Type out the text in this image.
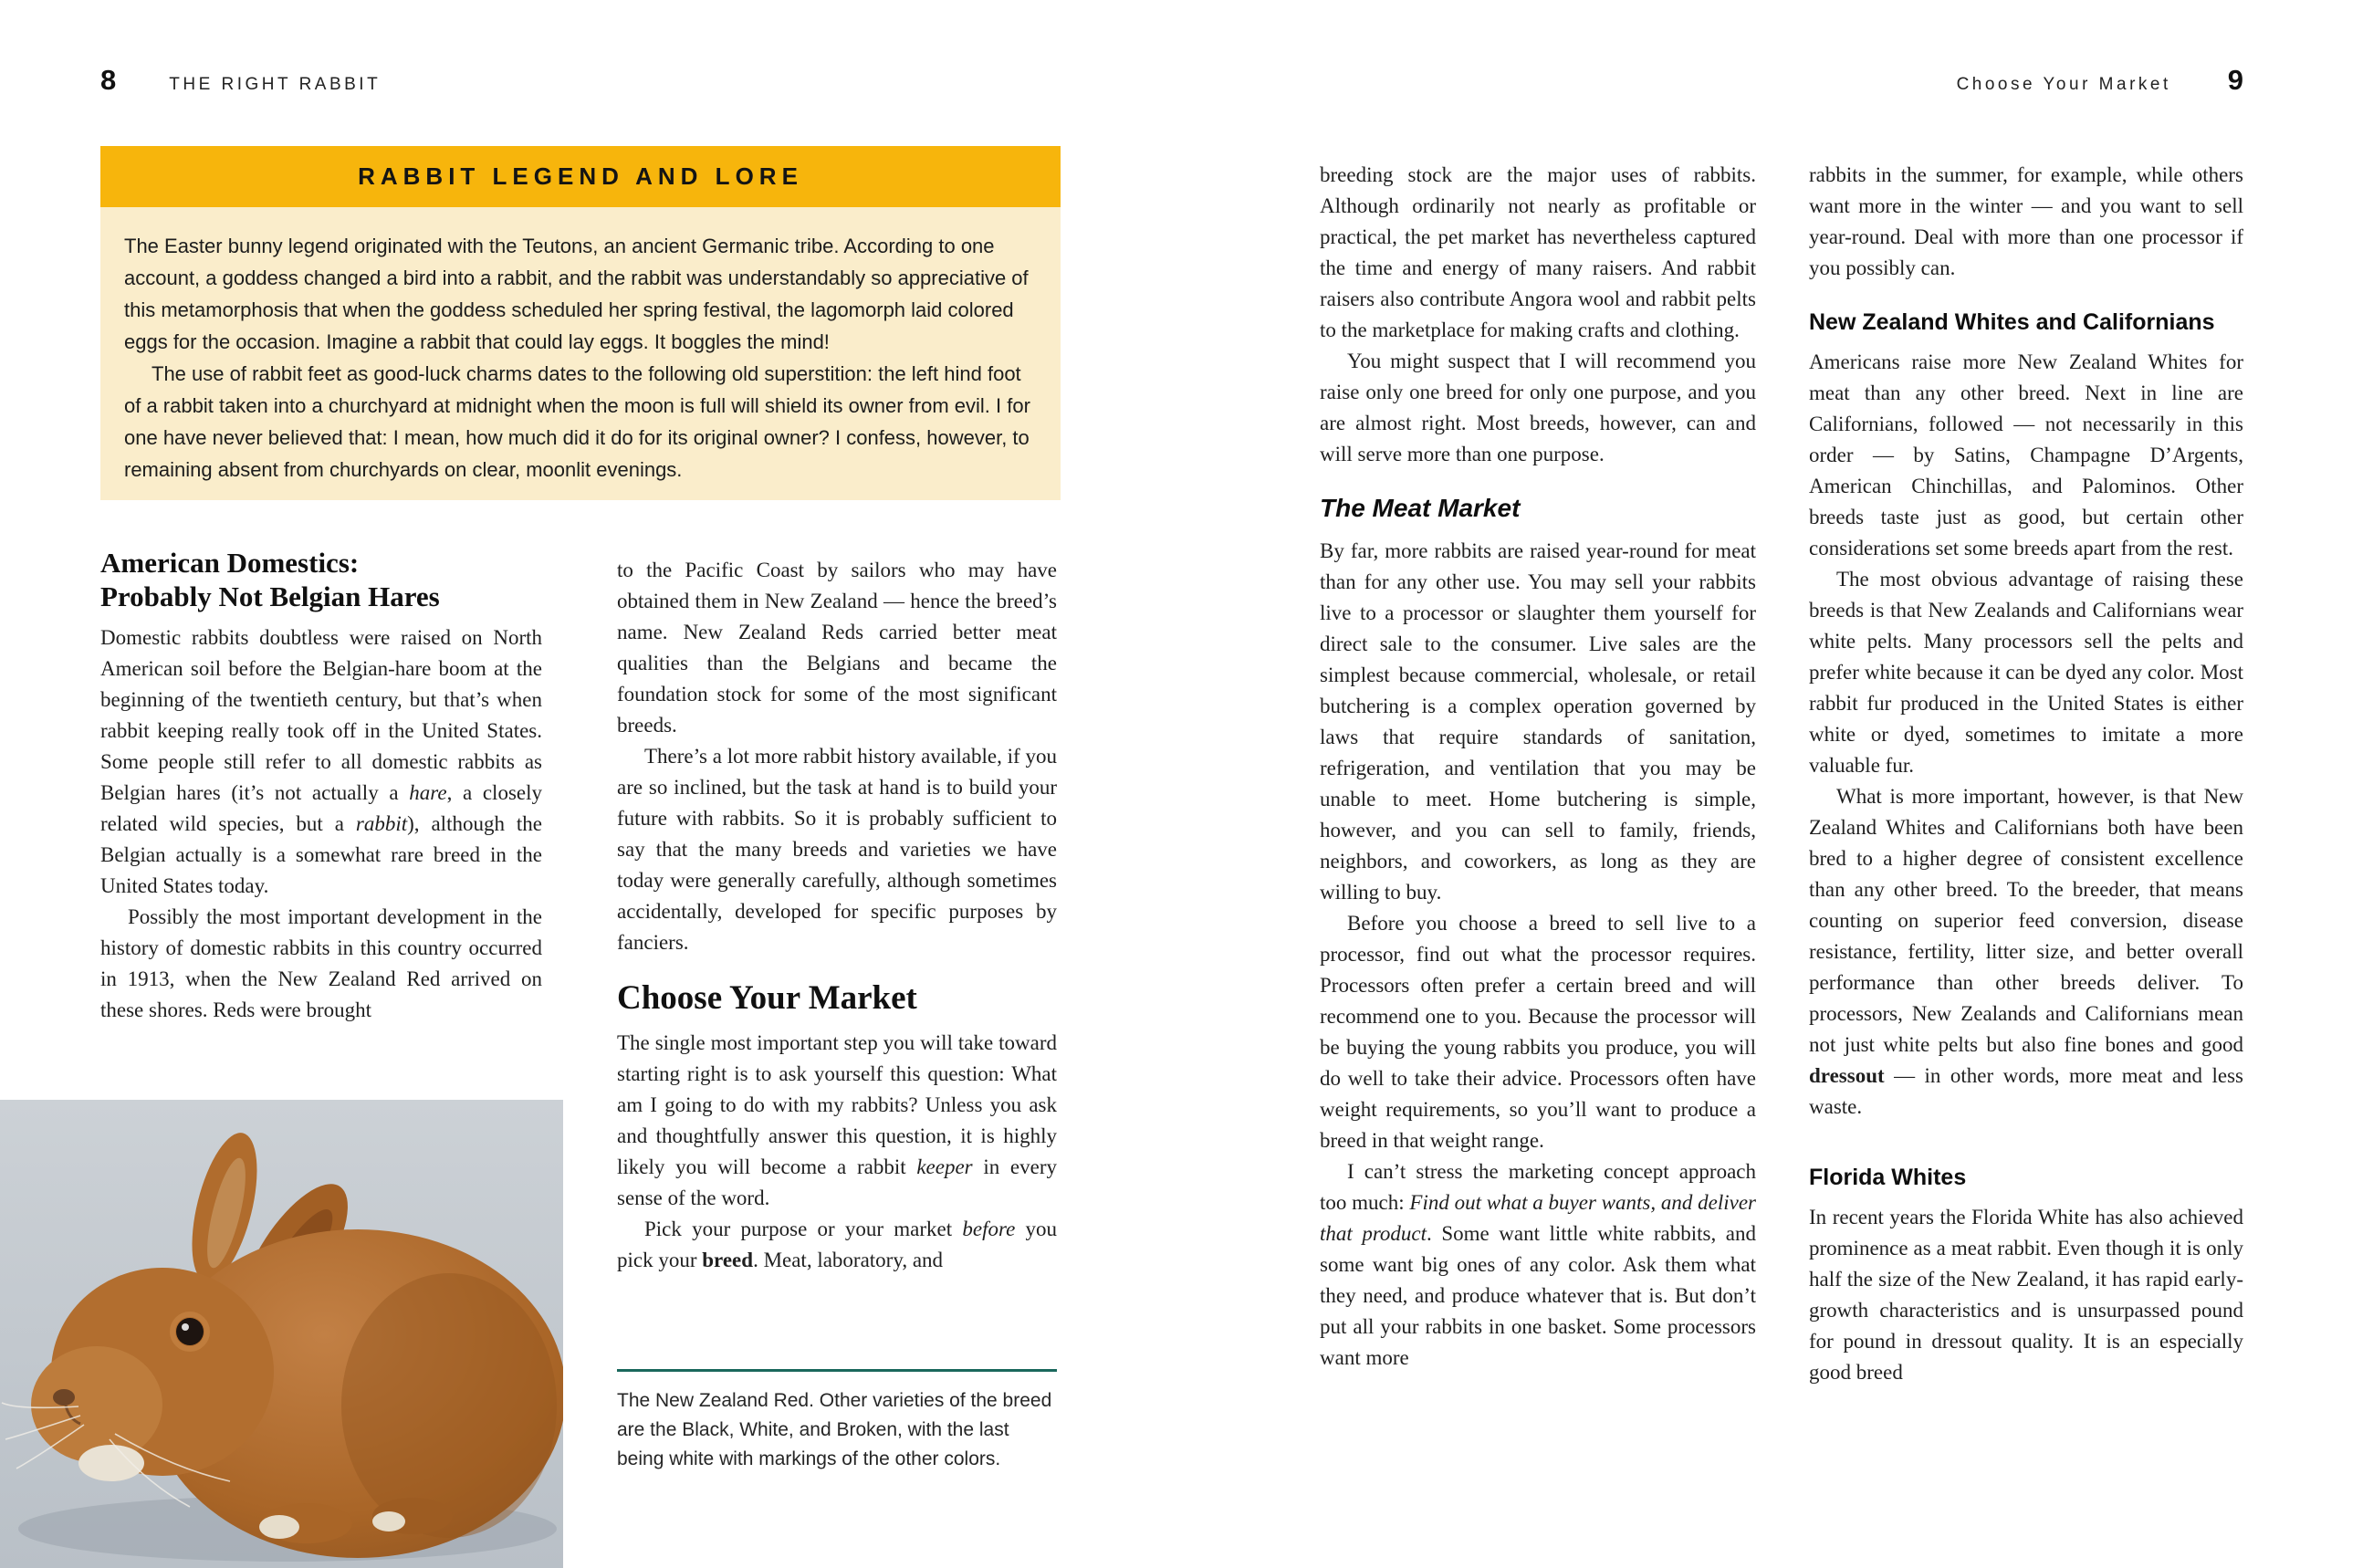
8	THE RIGHT RABBIT	Choose Your Market 9
RABBIT LEGEND AND LORE

The Easter bunny legend originated with the Teutons, an ancient Germanic tribe. According to one account, a goddess changed a bird into a rabbit, and the rabbit was understandably so appreciative of this metamorphosis that when the goddess scheduled her spring festival, the lagomorph laid colored eggs for the occasion. Imagine a rabbit that could lay eggs. It boggles the mind!

The use of rabbit feet as good-luck charms dates to the following old superstition: the left hind foot of a rabbit taken into a churchyard at midnight when the moon is full will shield its owner from evil. I for one have never believed that: I mean, how much did it do for its original owner? I confess, however, to remaining absent from churchyards on clear, moonlit evenings.

American Domestics:
Probably Not Belgian Hares

Domestic rabbits doubtless were raised on North American soil before the Belgian-hare boom at the beginning of the twentieth century, but that’s when rabbit keeping really took off in the United States. Some people still refer to all domestic rabbits as Belgian hares (it’s not actually a hare, a closely related wild species, but a rabbit), although the Belgian actually is a somewhat rare breed in the United States today.

Possibly the most important development in the history of domestic rabbits in this country occurred in 1913, when the New Zealand Red arrived on these shores. Reds were brought

to the Pacific Coast by sailors who may have obtained them in New Zealand — hence the breed’s name. New Zealand Reds carried better meat qualities than the Belgians and became the foundation stock for some of the most significant breeds.

There’s a lot more rabbit history available, if you are so inclined, but the task at hand is to build your future with rabbits. So it is probably sufficient to say that the many breeds and varieties we have today were generally carefully, although sometimes accidentally, developed for specific purposes by fanciers.

Choose Your Market

The single most important step you will take toward starting right is to ask yourself this question: What am I going to do with my rabbits? Unless you ask and thoughtfully answer this question, it is highly likely you will become a rabbit keeper in every sense of the word.

Pick your purpose or your market before you pick your breed. Meat, laboratory, and

The New Zealand Red. Other varieties of the breed are the Black, White, and Broken, with the last being white with markings of the other colors.

breeding stock are the major uses of rabbits. Although ordinarily not nearly as profitable or practical, the pet market has nevertheless captured the time and energy of many raisers. And rabbit raisers also contribute Angora wool and rabbit pelts to the marketplace for making crafts and clothing.

You might suspect that I will recommend you raise only one breed for only one purpose, and you are almost right. Most breeds, however, can and will serve more than one purpose.

The Meat Market

By far, more rabbits are raised year-round for meat than for any other use. You may sell your rabbits live to a processor or slaughter them yourself for direct sale to the consumer. Live sales are the simplest because commercial, wholesale, or retail butchering is a complex operation governed by laws that require standards of sanitation, refrigeration, and ventilation that you may be unable to meet. Home butchering is simple, however, and you can sell to family, friends, neighbors, and coworkers, as long as they are willing to buy.

Before you choose a breed to sell live to a processor, find out what the processor requires. Processors often prefer a certain breed and will recommend one to you. Because the processor will be buying the young rabbits you produce, you will do well to take their advice. Processors often have weight requirements, so you’ll want to produce a breed in that weight range.

I can’t stress the marketing concept approach too much: Find out what a buyer wants, and deliver that product. Some want little white rabbits, and some want big ones of any color. Ask them what they need, and produce whatever that is. But don’t put all your rabbits in one basket. Some processors want more

rabbits in the summer, for example, while others want more in the winter — and you want to sell year-round. Deal with more than one processor if you possibly can.

New Zealand Whites and Californians

Americans raise more New Zealand Whites for meat than any other breed. Next in line are Californians, followed — not necessarily in this order — by Satins, Champagne D’Argents, American Chinchillas, and Palominos. Other breeds taste just as good, but certain other considerations set some breeds apart from the rest.

The most obvious advantage of raising these breeds is that New Zealands and Californians wear white pelts. Many processors sell the pelts and prefer white because it can be dyed any color. Most rabbit fur produced in the United States is either white or dyed, sometimes to imitate a more valuable fur.

What is more important, however, is that New Zealand Whites and Californians both have been bred to a higher degree of consistent excellence than any other breed. To the breeder, that means counting on superior feed conversion, disease resistance, fertility, litter size, and better overall performance than other breeds deliver. To processors, New Zealands and Californians mean not just white pelts but also fine bones and good dressout — in other words, more meat and less waste.

Florida Whites

In recent years the Florida White has also achieved prominence as a meat rabbit. Even though it is only half the size of the New Zealand, it has rapid early-growth characteristics and is unsurpassed pound for pound in dressout quality. It is an especially good breed
